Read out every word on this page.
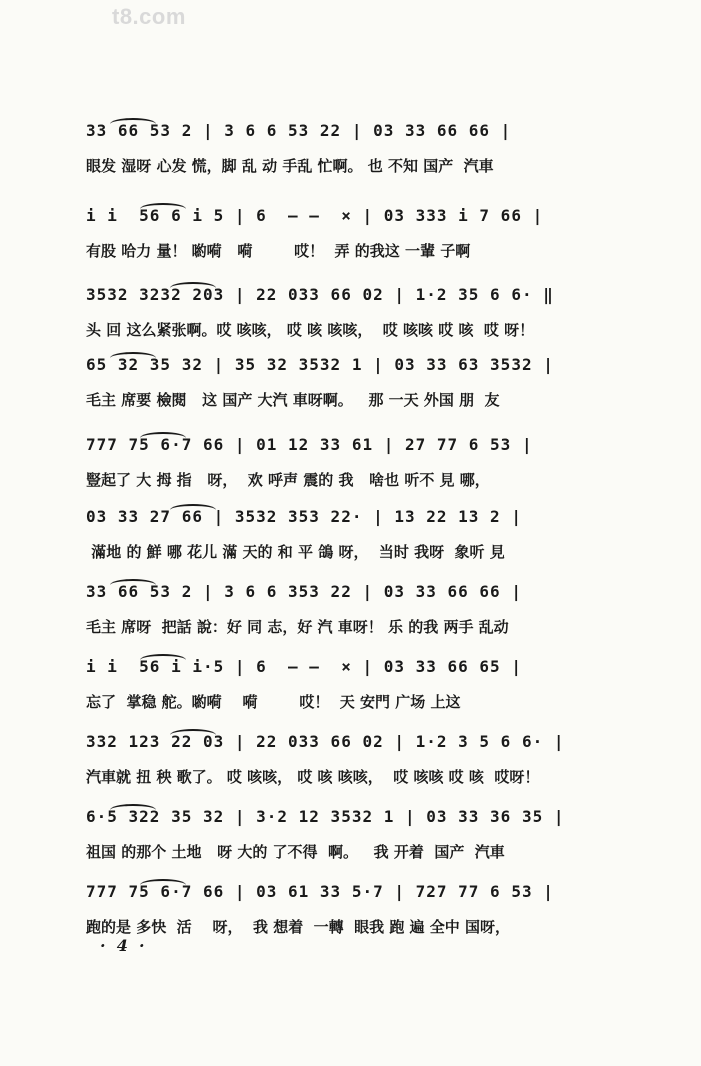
t8.com
33 66 53 2 | 3 6 6 53 22 | 03 33 66 66 |
眼发 湿呀 心发 慌，脚 乱 动 手乱 忙啊。 也 不知 国产  汽車
i i  56 6 i 5 | 6  — —  × | 03 333 i 7 66 |
有股 哈力 量！ 喲嗬   嗬        哎！  弄 的我这 一輩 子啊
3532 3232 203 | 22 033 66 02 | 1·2 35 6 6· ‖
头 回 这么紧张啊。哎 咳咳， 哎 咳 咳咳，  哎 咳咳 哎 咳  哎 呀！
65 32 35 32 | 35 32 3532 1 | 03 33 63 3532 |
毛主 席要 檢閱   这 国产 大汽 車呀啊。   那 一天 外国 朋  友
777 75 6·7 66 | 01 12 33 61 | 27 77 6 53 |
豎起了 大 拇 指   呀，  欢 呼声 震的 我   啥也 听不 見 哪，
03 33 27 66 | 3532 353 22· | 13 22 13 2 |
滿地 的 鮮 哪 花儿 滿 天的 和 平 鴿 呀，  当时 我呀  象听 見
33 66 53 2 | 3 6 6 353 22 | 03 33 66 66 |
毛主 席呀  把話 說：好 同 志，好 汽 車呀！ 乐 的我 两手 乱动
i i  56 i i·5 | 6  — —  × | 03 33 66 65 |
忘了  掌稳 舵。喲嗬    嗬        哎！  天 安門 广场 上这
332 123 22 03 | 22 033 66 02 | 1·2 3 5 6 6· |
汽車就 扭 秧 歌了。 哎 咳咳， 哎 咳 咳咳，  哎 咳咳 哎 咳  哎呀！
6·5 322 35 32 | 3·2 12 3532 1 | 03 33 36 35 |
祖国 的那个 土地   呀 大的 了不得  啊。   我 开着  国产  汽車
777 75 6·7 66 | 03 61 33 5·7 | 727 77 6 53 |
跑的是 多快  活    呀，  我 想着  一轉  眼我 跑 遍 全中 国呀，
·  4  ·
